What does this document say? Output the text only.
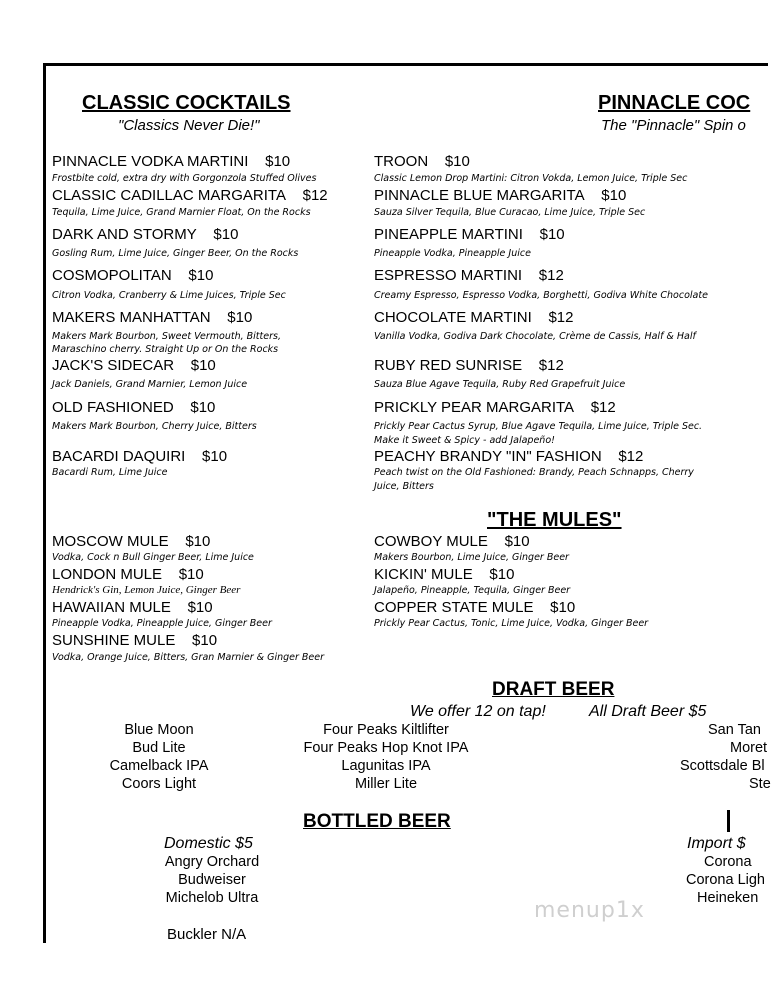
CLASSIC COCKTAILS
"Classics Never Die!"
PINNACLE COC
The "Pinnacle" Spin o
PINNACLE VODKA MARTINI $10
Frostbite cold, extra dry with Gorgonzola Stuffed Olives
CLASSIC CADILLAC MARGARITA $12
Tequila, Lime Juice, Grand Marnier Float, On the Rocks
DARK AND STORMY $10
Gosling Rum, Lime Juice, Ginger Beer, On the Rocks
COSMOPOLITAN $10
Citron Vodka, Cranberry & Lime Juices, Triple Sec
MAKERS MANHATTAN $10
Makers Mark Bourbon, Sweet Vermouth, Bitters,
Maraschino cherry. Straight Up or On the Rocks
JACK'S SIDECAR $10
Jack Daniels, Grand Marnier, Lemon Juice
OLD FASHIONED $10
Makers Mark Bourbon, Cherry Juice, Bitters
BACARDI DAQUIRI $10
Bacardi Rum, Lime Juice
TROON $10
Classic Lemon Drop Martini: Citron Vokda, Lemon Juice, Triple Sec
PINNACLE BLUE MARGARITA $10
Sauza Silver Tequila, Blue Curacao, Lime Juice, Triple Sec
PINEAPPLE MARTINI $10
Pineapple Vodka, Pineapple Juice
ESPRESSO MARTINI $12
Creamy Espresso, Espresso Vodka, Borghetti, Godiva White Chocolate
CHOCOLATE MARTINI $12
Vanilla Vodka, Godiva Dark Chocolate, Crème de Cassis, Half & Half
RUBY RED SUNRISE $12
Sauza Blue Agave Tequila, Ruby Red Grapefruit Juice
PRICKLY PEAR MARGARITA $12
Prickly Pear Cactus Syrup, Blue Agave Tequila, Lime Juice, Triple Sec.
Make it Sweet & Spicy - add Jalapeño!
PEACHY BRANDY "IN" FASHION $12
Peach twist on the Old Fashioned: Brandy, Peach Schnapps, Cherry
Juice, Bitters
"THE MULES"
MOSCOW MULE $10
Vodka, Cock n Bull Ginger Beer, Lime Juice
LONDON MULE $10
Hendrick's Gin, Lemon Juice, Ginger Beer
HAWAIIAN MULE $10
Pineapple Vodka, Pineapple Juice, Ginger Beer
SUNSHINE MULE $10
Vodka, Orange Juice, Bitters, Gran Marnier & Ginger Beer
COWBOY MULE $10
Makers Bourbon, Lime Juice, Ginger Beer
KICKIN' MULE $10
Jalapeño, Pineapple, Tequila, Ginger Beer
COPPER STATE MULE $10
Prickly Pear Cactus, Tonic, Lime Juice, Vodka, Ginger Beer
DRAFT BEER
We offer 12 on tap!	All Draft Beer $5
Blue Moon
Bud Lite
Camelback IPA
Coors Light
Four Peaks Kiltlifter
Four Peaks Hop Knot IPA
Lagunitas IPA
Miller Lite
San Tan
Moret
Scottsdale Bl
Ste
BOTTLED BEER
Domestic $5
Angry Orchard
Budweiser
Michelob Ultra
Buckler N/A
Import $
Corona
Corona Ligh
Heineken
menup1x
